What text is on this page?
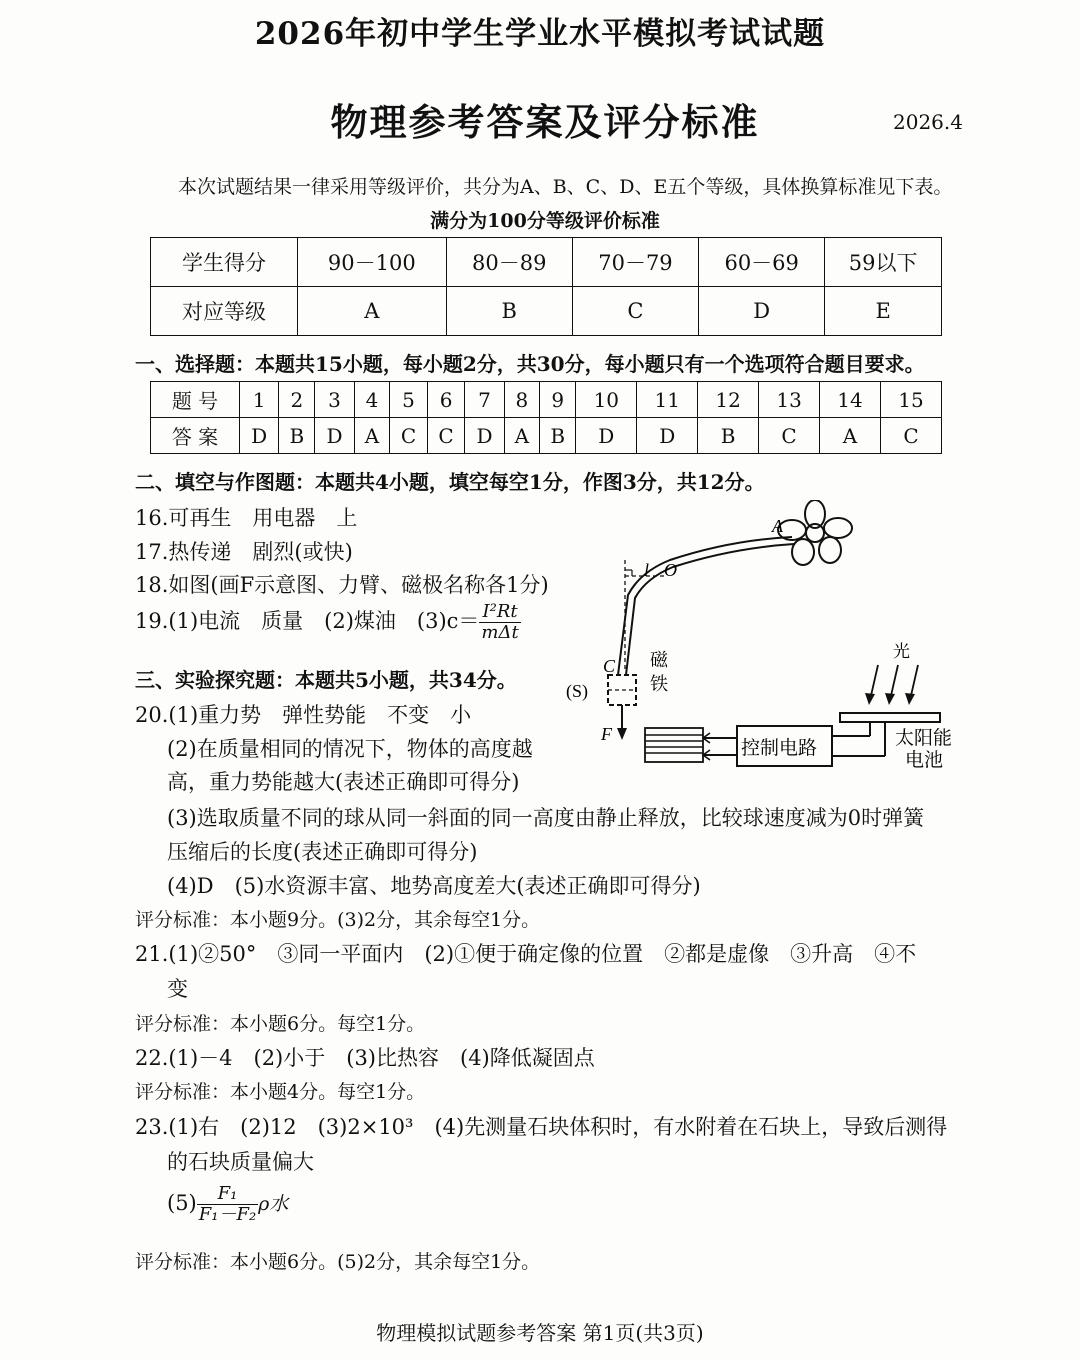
2026年初中学生学业水平模拟考试试题
物理参考答案及评分标准	2026.4
本次试题结果一律采用等级评价，共分为A、B、C、D、E五个等级，具体换算标准见下表。
满分为100分等级评价标准
学生得分	90－100	80－89	70－79	60－69	59以下
对应等级	A	B	C	D	E
一、选择题：本题共15小题，每小题2分，共30分，每小题只有一个选项符合题目要求。
题 号	1	2	3	4	5	6	7	8	9	10	11	12	13	14	15
答 案	D	B	D	A	C	C	D	A	B	D	D	B	C	A	C
二、填空与作图题：本题共4小题，填空每空1分，作图3分，共12分。
16.可再生　用电器　上
17.热传递　剧烈(或快)
18.如图(画F示意图、力臂、磁极名称各1分)
19.(1)电流　质量　(2)煤油　$(3)c= \frac{\text{I²Rt}}{\text{mΔt}}$
A
l O
C
(S)
F
磁
铁
光
控制电路	太阳能
电池
三、实验探究题：本题共5小题，共34分。
20.(1)重力势　弹性势能　不变　小
(2)在质量相同的情况下，物体的高度越
高，重力势能越大(表述正确即可得分)
(3)选取质量不同的球从同一斜面的同一高度由静止释放，比较球速度减为0时弹簧
压缩后的长度(表述正确即可得分)
(4)D　(5)水资源丰富、地势高度差大(表述正确即可得分)
评分标准：本小题9分。(3)2分，其余每空1分。
21.(1)②50°　③同一平面内　(2)①便于确定像的位置　②都是虚像　③升高　④不
变
评分标准：本小题6分。每空1分。
22.(1)－4　(2)小于　(3)比热容　(4)降低凝固点
评分标准：本小题4分。每空1分。
23.(1)右　(2)12　(3)2×10³　(4)先测量石块体积时，有水附着在石块上，导致后测得
的石块质量偏大
$(5) \frac{\text{F₁}}{\text{F₁－F₂}}$ ρ水
评分标准：本小题6分。(5)2分，其余每空1分。
物理模拟试题参考答案 第1页(共3页)
